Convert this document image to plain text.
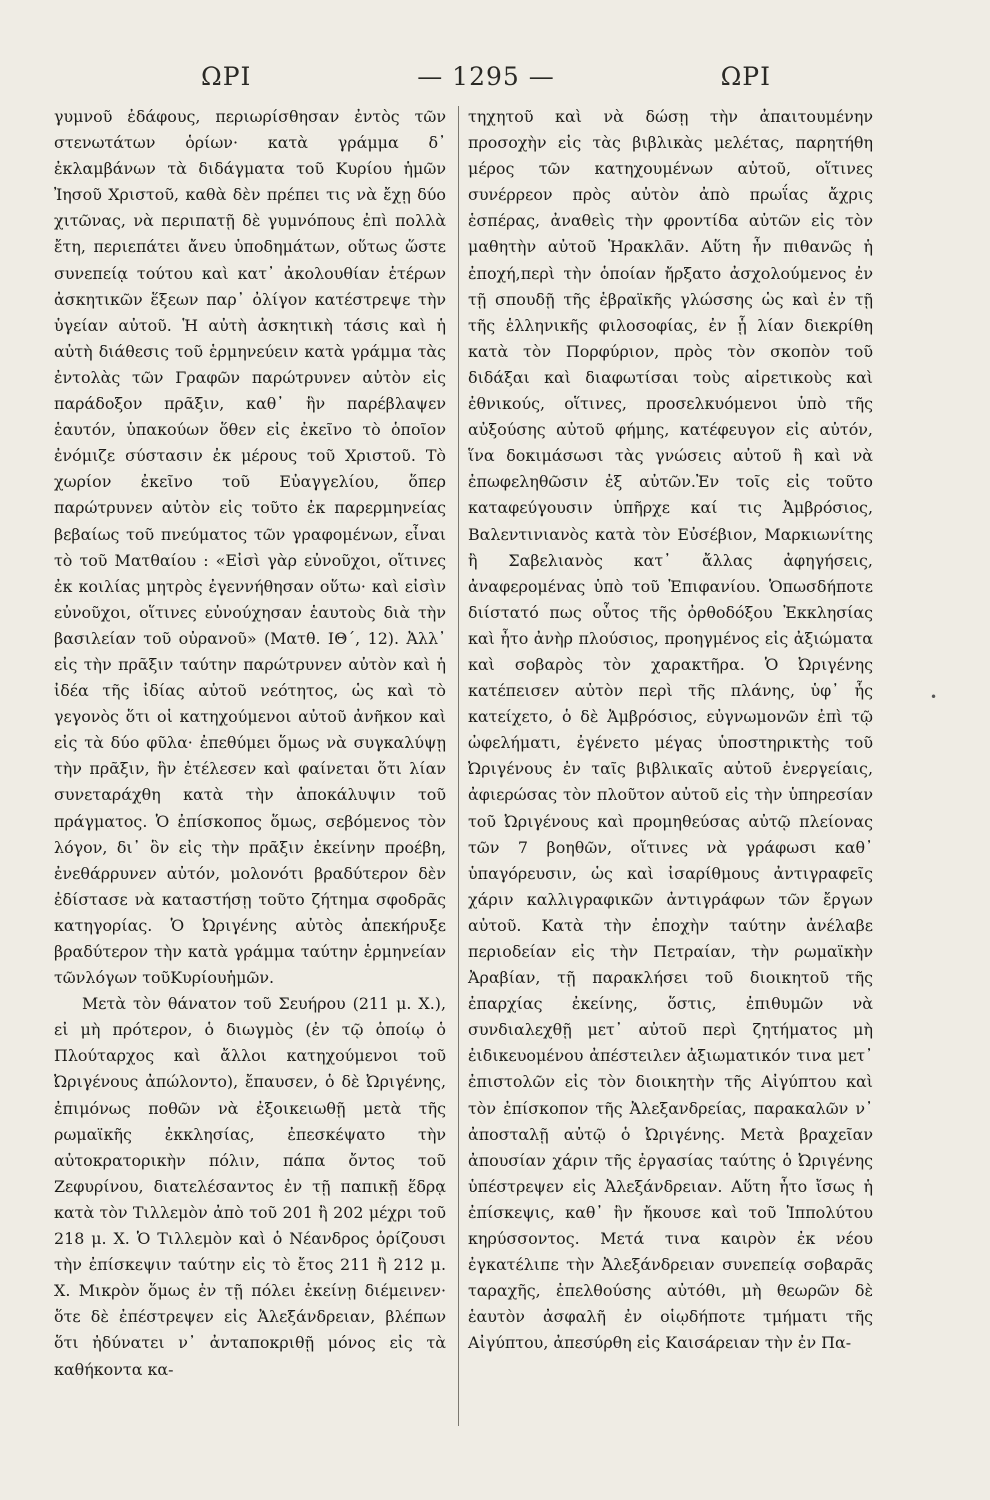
ΩΡΙ	— 1295 —	ΩΡΙ

γυμνοῦ ἐδάφους, περιωρίσθησαν ἐντὸς τῶν στενωτάτων ὁρίων· κατὰ γράμμα δ᾽ ἐκλαμβάνων τὰ διδάγματα τοῦ Κυρίου ἡμῶν Ἰησοῦ Χριστοῦ, καθὰ δὲν πρέπει τις νὰ ἔχῃ δύο χιτῶνας, νὰ περιπατῇ δὲ γυμνόπους ἐπὶ πολλὰ ἔτη, περιεπάτει ἄνευ ὑποδημάτων, οὕτως ὥστε συνεπείᾳ τούτου καὶ κατ᾽ ἀκολουθίαν ἑτέρων ἀσκητικῶν ἕξεων παρ᾽ ὀλίγον κατέστρεψε τὴν ὑγείαν αὐτοῦ. Ἡ αὐτὴ ἀσκητικὴ τάσις καὶ ἡ αὐτὴ διάθεσις τοῦ ἑρμηνεύειν κατὰ γράμμα τὰς ἐντολὰς τῶν Γραφῶν παρώτρυνεν αὐτὸν εἰς παράδοξον πρᾶξιν, καθ᾽ ἣν παρέβλαψεν ἑαυτόν, ὑπακούων ὅθεν εἰς ἐκεῖνο τὸ ὁποῖον ἐνόμιζε σύστασιν ἐκ μέρους τοῦ Χριστοῦ. Τὸ χωρίον ἐκεῖνο τοῦ Εὐαγγελίου, ὅπερ παρώτρυνεν αὐτὸν εἰς τοῦτο ἐκ παρερμηνείας βεβαίως τοῦ πνεύματος τῶν γραφομένων, εἶναι τὸ τοῦ Ματθαίου : «Εἰσὶ γὰρ εὐνοῦχοι, οἵτινες ἐκ κοιλίας μητρὸς ἐγεννήθησαν οὕτω· καὶ εἰσὶν εὐνοῦχοι, οἵτινες εὐνούχησαν ἑαυτοὺς διὰ τὴν βασιλείαν τοῦ οὐρανοῦ» (Ματθ. ΙΘ΄, 12). Ἀλλ᾽ εἰς τὴν πρᾶξιν ταύτην παρώτρυνεν αὐτὸν καὶ ἡ ἰδέα τῆς ἰδίας αὐτοῦ νεότητος, ὡς καὶ τὸ γεγονὸς ὅτι οἱ κατηχούμενοι αὐτοῦ ἀνῆκον καὶ εἰς τὰ δύο φῦλα· ἐπεθύμει ὅμως νὰ συγκαλύψῃ τὴν πρᾶξιν, ἣν ἐτέλεσεν καὶ φαίνεται ὅτι λίαν συνεταράχθη κατὰ τὴν ἀποκάλυψιν τοῦ πράγματος. Ὁ ἐπίσκοπος ὅμως, σεβόμενος τὸν λόγον, δι᾽ ὃν εἰς τὴν πρᾶξιν ἐκείνην προέβη, ἐνεθάρρυνεν αὐτόν, μολονότι βραδύτερον δὲν ἐδίστασε νὰ καταστήσῃ τοῦτο ζήτημα σφοδρᾶς κατηγορίας. Ὁ Ὠριγένης αὐτὸς ἀπεκήρυξε βραδύτερον τὴν κατὰ γράμμα ταύτην ἑρμηνείαν τῶνλόγων τοῦΚυρίουἡμῶν.

Μετὰ τὸν θάνατον τοῦ Σευήρου (211 μ. Χ.), εἰ μὴ πρότερον, ὁ διωγμὸς (ἐν τῷ ὁποίῳ ὁ Πλούταρχος καὶ ἄλλοι κατηχούμενοι τοῦ Ὠριγένους ἀπώλοντο), ἔπαυσεν, ὁ δὲ Ὠριγένης, ἐπιμόνως ποθῶν νὰ ἐξοικειωθῇ μετὰ τῆς ρωμαϊκῆς ἐκκλησίας, ἐπεσκέψατο τὴν αὐτοκρατορικὴν πόλιν, πάπα ὄντος τοῦ Ζεφυρίνου, διατελέσαντος ἐν τῇ παπικῇ ἕδρᾳ κατὰ τὸν Τιλλεμὸν ἀπὸ τοῦ 201 ἢ 202 μέχρι τοῦ 218 μ. Χ. Ὁ Τιλλεμὸν καὶ ὁ Νέανδρος ὁρίζουσι τὴν ἐπίσκεψιν ταύτην εἰς τὸ ἔτος 211 ἢ 212 μ. Χ. Μικρὸν ὅμως ἐν τῇ πόλει ἐκείνῃ διέμεινεν· ὅτε δὲ ἐπέστρεψεν εἰς Ἀλεξάνδρειαν, βλέπων ὅτι ἠδύνατει ν᾽ ἀνταποκριθῇ μόνος εἰς τὰ καθήκοντα κα-

τηχητοῦ καὶ νὰ δώσῃ τὴν ἀπαιτουμένην προσοχὴν εἰς τὰς βιβλικὰς μελέτας, παρητήθη μέρος τῶν κατηχουμένων αὐτοῦ, οἵτινες συνέρρεον πρὸς αὐτὸν ἀπὸ πρωΐας ἄχρις ἑσπέρας, ἀναθεὶς τὴν φροντίδα αὐτῶν εἰς τὸν μαθητὴν αὐτοῦ Ἡρακλᾶν. Αὕτη ἦν πιθανῶς ἡ ἐποχή,περὶ τὴν ὁποίαν ἤρξατο ἀσχολούμενος ἐν τῇ σπουδῇ τῆς ἑβραϊκῆς γλώσσης ὡς καὶ ἐν τῇ τῆς ἑλληνικῆς φιλοσοφίας, ἐν ᾗ λίαν διεκρίθη κατὰ τὸν Πορφύριον, πρὸς τὸν σκοπὸν τοῦ διδάξαι καὶ διαφωτίσαι τοὺς αἱρετικοὺς καὶ ἐθνικούς, οἵτινες, προσελκυόμενοι ὑπὸ τῆς αὐξούσης αὐτοῦ φήμης, κατέφευγον εἰς αὐτόν, ἵνα δοκιμάσωσι τὰς γνώσεις αὐτοῦ ἢ καὶ νὰ ἐπωφεληθῶσιν ἐξ αὐτῶν.Ἐν τοῖς εἰς τοῦτο καταφεύγουσιν ὑπῆρχε καί τις Ἀμβρόσιος, Βαλεντινιανὸς κατὰ τὸν Εὐσέβιον, Μαρκιωνίτης ἢ Σαβελιανὸς κατ᾽ ἄλλας ἀφηγήσεις, ἀναφερομένας ὑπὸ τοῦ Ἐπιφανίου. Ὁπωσδήποτε διίστατό πως οὗτος τῆς ὀρθοδόξου Ἐκκλησίας καὶ ἦτο ἀνὴρ πλούσιος, προηγμένος εἰς ἀξιώματα καὶ σοβαρὸς τὸν χαρακτῆρα. Ὁ Ὠριγένης κατέπεισεν αὐτὸν περὶ τῆς πλάνης, ὑφ᾽ ἧς κατείχετο, ὁ δὲ Ἀμβρόσιος, εὐγνωμονῶν ἐπὶ τῷ ὠφελήματι, ἐγένετο μέγας ὑποστηρικτὴς τοῦ Ὠριγένους ἐν ταῖς βιβλικαῖς αὐτοῦ ἐνεργείαις, ἀφιερώσας τὸν πλοῦτον αὐτοῦ εἰς τὴν ὑπηρεσίαν τοῦ Ὠριγένους καὶ προμηθεύσας αὐτῷ πλείονας τῶν 7 βοηθῶν, οἵτινες νὰ γράφωσι καθ᾽ ὑπαγόρευσιν, ὡς καὶ ἰσαρίθμους ἀντιγραφεῖς χάριν καλλιγραφικῶν ἀντιγράφων τῶν ἔργων αὐτοῦ. Κατὰ τὴν ἐποχὴν ταύτην ἀνέλαβε περιοδείαν εἰς τὴν Πετραίαν, τὴν ρωμαϊκὴν Ἀραβίαν, τῇ παρακλήσει τοῦ διοικητοῦ τῆς ἐπαρχίας ἐκείνης, ὅστις, ἐπιθυμῶν νὰ συνδιαλεχθῇ μετ᾽ αὐτοῦ περὶ ζητήματος μὴ ἐιδικευομένου ἀπέστειλεν ἀξιωματικόν τινα μετ᾽ ἐπιστολῶν εἰς τὸν διοικητὴν τῆς Αἰγύπτου καὶ τὸν ἐπίσκοπον τῆς Ἀλεξανδρείας, παρακαλῶν ν᾽ ἀποσταλῇ αὐτῷ ὁ Ὠριγένης. Μετὰ βραχεῖαν ἀπουσίαν χάριν τῆς ἐργασίας ταύτης ὁ Ὠριγένης ὑπέστρεψεν εἰς Ἀλεξάνδρειαν. Αὕτη ἦτο ἴσως ἡ ἐπίσκεψις, καθ᾽ ἣν ἤκουσε καὶ τοῦ Ἱππολύτου κηρύσσοντος. Μετά τινα καιρὸν ἐκ νέου ἐγκατέλιπε τὴν Ἀλεξάνδρειαν συνεπείᾳ σοβαρᾶς ταραχῆς, ἐπελθούσης αὐτόθι, μὴ θεωρῶν δὲ ἑαυτὸν ἀσφαλῆ ἐν οἱῳδήποτε τμήματι τῆς Αἰγύπτου, ἀπεσύρθη εἰς Καισάρειαν τὴν ἐν Πα-

•
